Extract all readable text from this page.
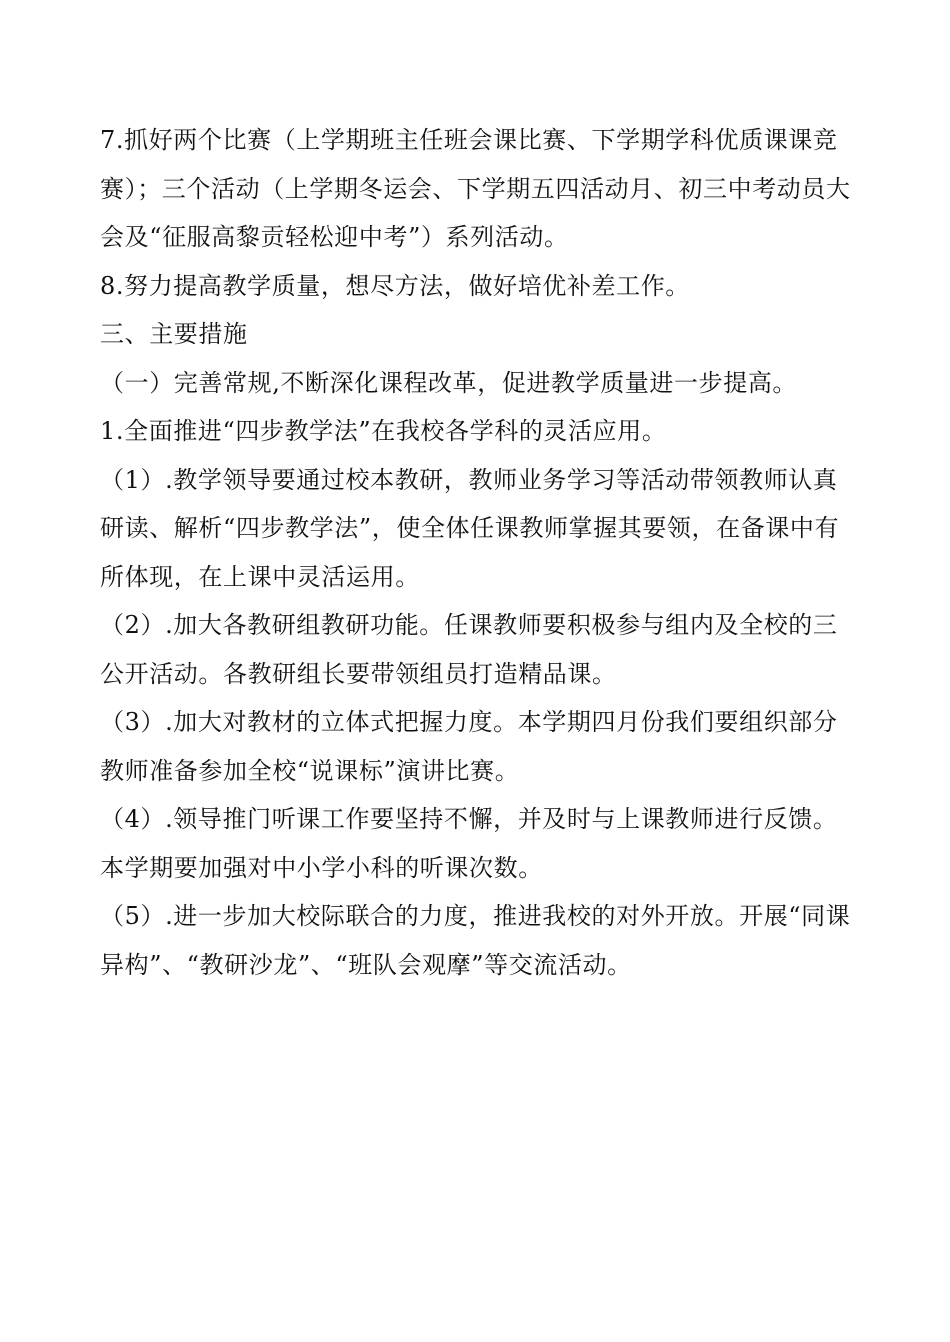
7.抓好两个比赛（上学期班主任班会课比赛、下学期学科优质课课竞赛）；三个活动（上学期冬运会、下学期五四活动月、初三中考动员大会及“征服高黎贡轻松迎中考”）系列活动。

8.努力提高教学质量，想尽方法，做好培优补差工作。

三、主要措施

（一）完善常规,不断深化课程改革，促进教学质量进一步提高。

1.全面推进“四步教学法”在我校各学科的灵活应用。

（1）.教学领导要通过校本教研，教师业务学习等活动带领教师认真研读、解析“四步教学法”，使全体任课教师掌握其要领，在备课中有所体现，在上课中灵活运用。

（2）.加大各教研组教研功能。任课教师要积极参与组内及全校的三公开活动。各教研组长要带领组员打造精品课。

（3）.加大对教材的立体式把握力度。本学期四月份我们要组织部分教师准备参加全校“说课标”演讲比赛。

（4）.领导推门听课工作要坚持不懈，并及时与上课教师进行反馈。本学期要加强对中小学小科的听课次数。

（5）.进一步加大校际联合的力度，推进我校的对外开放。开展“同课异构”、“教研沙龙”、“班队会观摩”等交流活动。
